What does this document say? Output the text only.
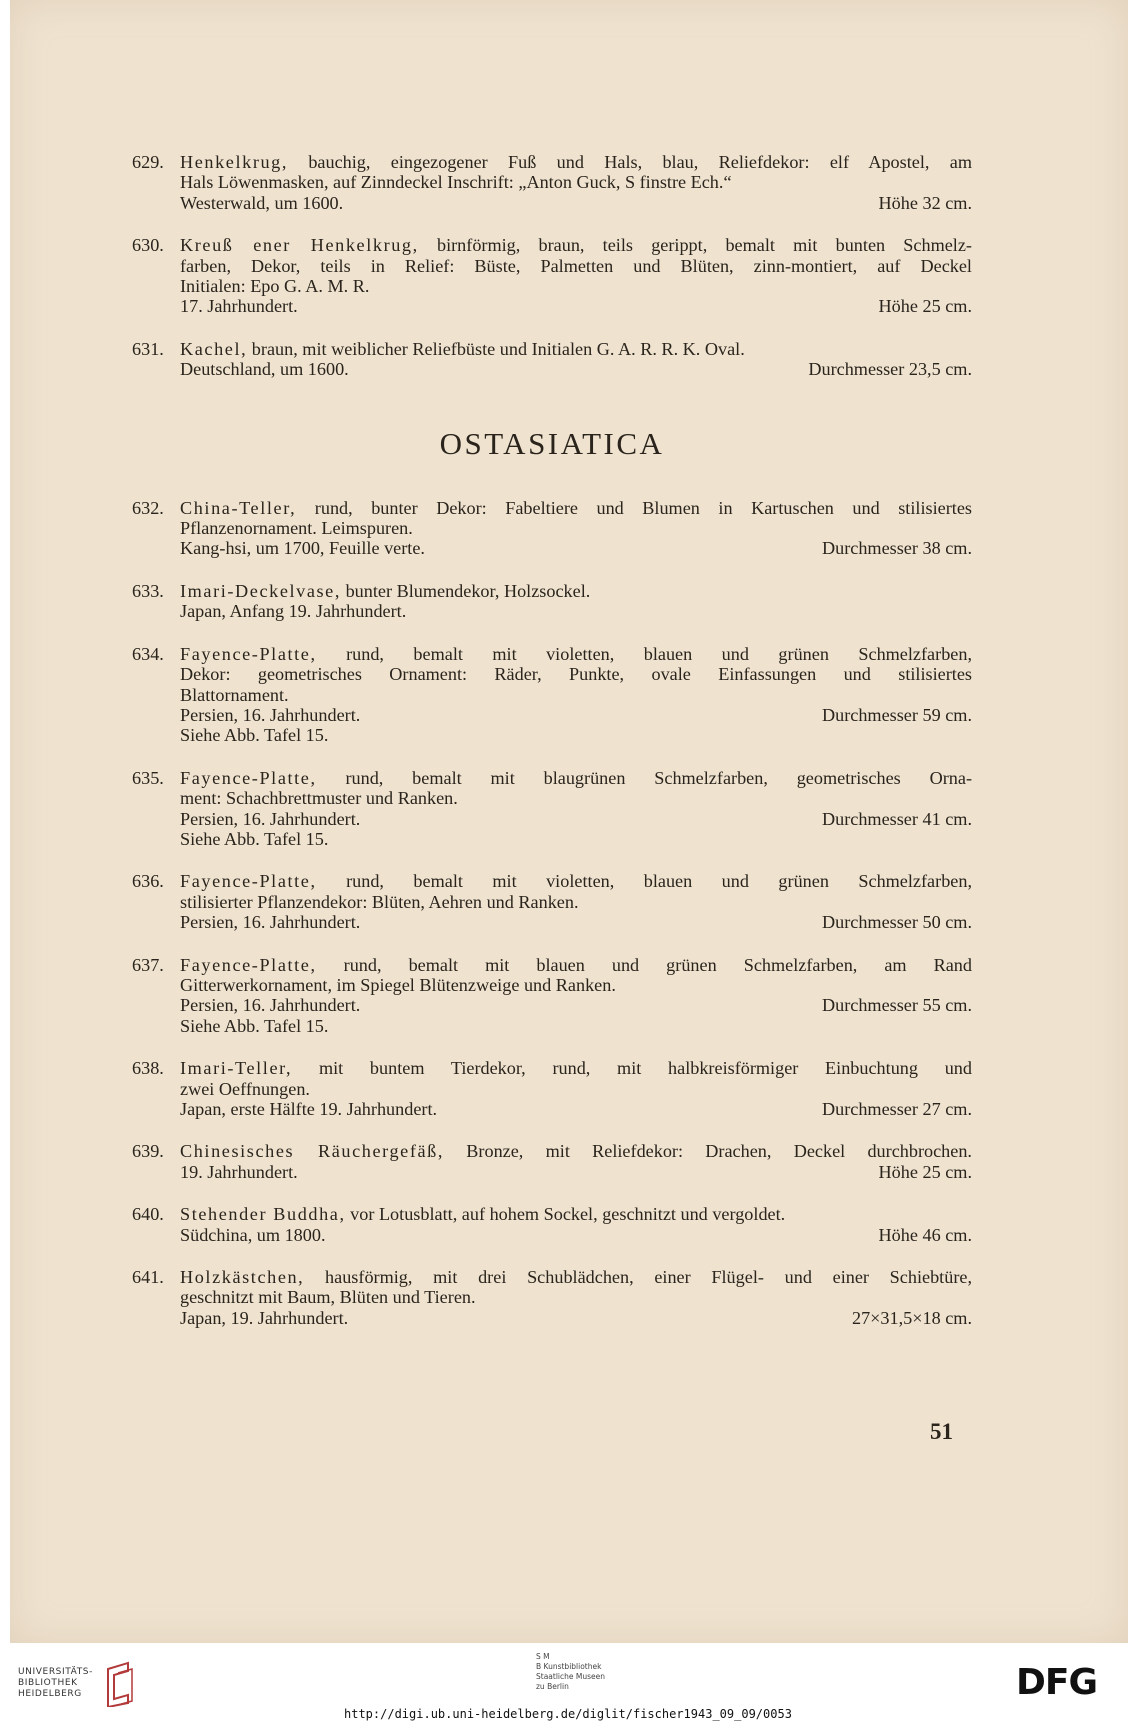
629. Henkelkrug, bauchig, eingezogener Fuß und Hals, blau, Reliefdekor: elf Apostel, am
Hals Löwenmasken, auf Zinndeckel Inschrift: „Anton Guck, S finstre Ech.“
Westerwald, um 1600.	Höhe 32 cm.
630. Kreuß ener Henkelkrug, birnförmig, braun, teils gerippt, bemalt mit bunten Schmelz-
farben, Dekor, teils in Relief: Büste, Palmetten und Blüten, zinn-montiert, auf Deckel
Initialen: Epo G. A. M. R.
17. Jahrhundert.	Höhe 25 cm.
631. Kachel, braun, mit weiblicher Reliefbüste und Initialen G. A. R. R. K. Oval.
Deutschland, um 1600.	Durchmesser 23,5 cm.
OSTASIATICA
632. China-Teller, rund, bunter Dekor: Fabeltiere und Blumen in Kartuschen und stilisiertes
Pflanzenornament. Leimspuren.
Kang-hsi, um 1700, Feuille verte.	Durchmesser 38 cm.
633. Imari-Deckelvase, bunter Blumendekor, Holzsockel.
Japan, Anfang 19. Jahrhundert.
634. Fayence-Platte, rund, bemalt mit violetten, blauen und grünen Schmelzfarben,
Dekor: geometrisches Ornament: Räder, Punkte, ovale Einfassungen und stilisiertes
Blattornament.
Persien, 16. Jahrhundert.	Durchmesser 59 cm.
Siehe Abb. Tafel 15.
635. Fayence-Platte, rund, bemalt mit blaugrünen Schmelzfarben, geometrisches Orna-
ment: Schachbrettmuster und Ranken.
Persien, 16. Jahrhundert.	Durchmesser 41 cm.
Siehe Abb. Tafel 15.
636. Fayence-Platte, rund, bemalt mit violetten, blauen und grünen Schmelzfarben,
stilisierter Pflanzendekor: Blüten, Aehren und Ranken.
Persien, 16. Jahrhundert.	Durchmesser 50 cm.
637. Fayence-Platte, rund, bemalt mit blauen und grünen Schmelzfarben, am Rand
Gitterwerkornament, im Spiegel Blütenzweige und Ranken.
Persien, 16. Jahrhundert.	Durchmesser 55 cm.
Siehe Abb. Tafel 15.
638. Imari-Teller, mit buntem Tierdekor, rund, mit halbkreisförmiger Einbuchtung und
zwei Oeffnungen.
Japan, erste Hälfte 19. Jahrhundert.	Durchmesser 27 cm.
639. Chinesisches Räuchergefäß, Bronze, mit Reliefdekor: Drachen, Deckel durchbrochen.
19. Jahrhundert.	Höhe 25 cm.
640. Stehender Buddha, vor Lotusblatt, auf hohem Sockel, geschnitzt und vergoldet.
Südchina, um 1800.	Höhe 46 cm.
641. Holzkästchen, hausförmig, mit drei Schublädchen, einer Flügel- und einer Schiebtüre,
geschnitzt mit Baum, Blüten und Tieren.
Japan, 19. Jahrhundert.	27×31,5×18 cm.
51
UNIVERSITÄTS-
BIBLIOTHEK
HEIDELBERG
S M
B Kunstbibliothek
Staatliche Museen
zu Berlin	DFG
http://digi.ub.uni-heidelberg.de/diglit/fischer1943_09_09/0053
